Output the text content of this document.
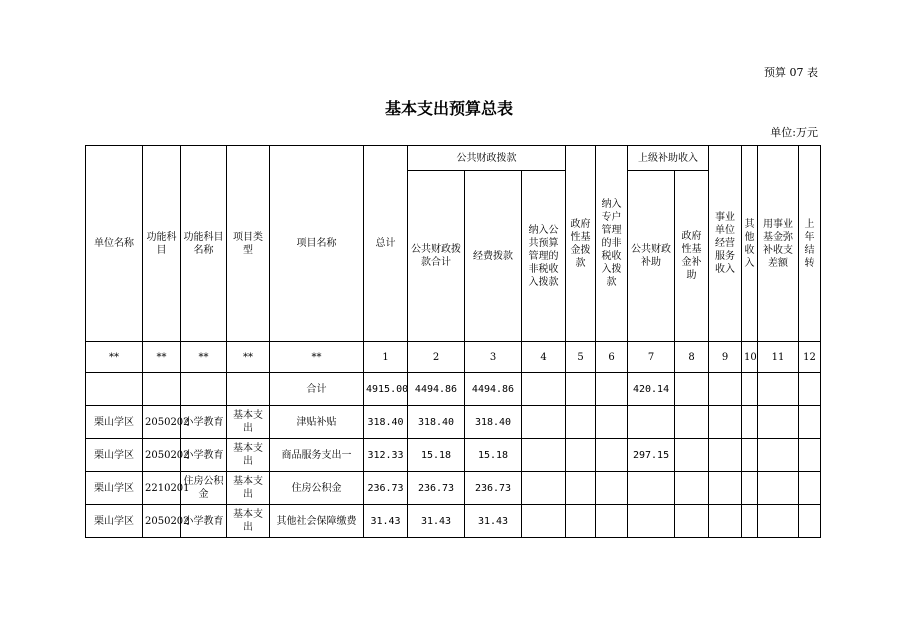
预算 07 表
基本支出预算总表
单位:万元
单位名称	功能科目	功能科目名称	项目类型	项目名称	总计	公共财政拨款			政府性基金拨款	纳入专户管理的非税收入拨款	上级补助收入		事业单位经营服务收入	其他收入	用事业基金弥补收支差额	上年结转
						公共财政拨款合计	经费拨款	纳入公共预算管理的非税收入拨款								
											公共财政补助	政府性基金补助				
**	**	**	**	**	1	2	3	4	5	6	7	8	9	10	11	12
				合计	4915.00	4494.86	4494.86				420.14					
栗山学区	2050202	小学教育	基本支出	津贴补贴	318.40	318.40	318.40									
栗山学区	2050202	小学教育	基本支出	商品服务支出一	312.33	15.18	15.18				297.15					
栗山学区	2210201	住房公积金	基本支出	住房公积金	236.73	236.73	236.73									
栗山学区	2050202	小学教育	基本支出	其他社会保障缴费	31.43	31.43	31.43									
